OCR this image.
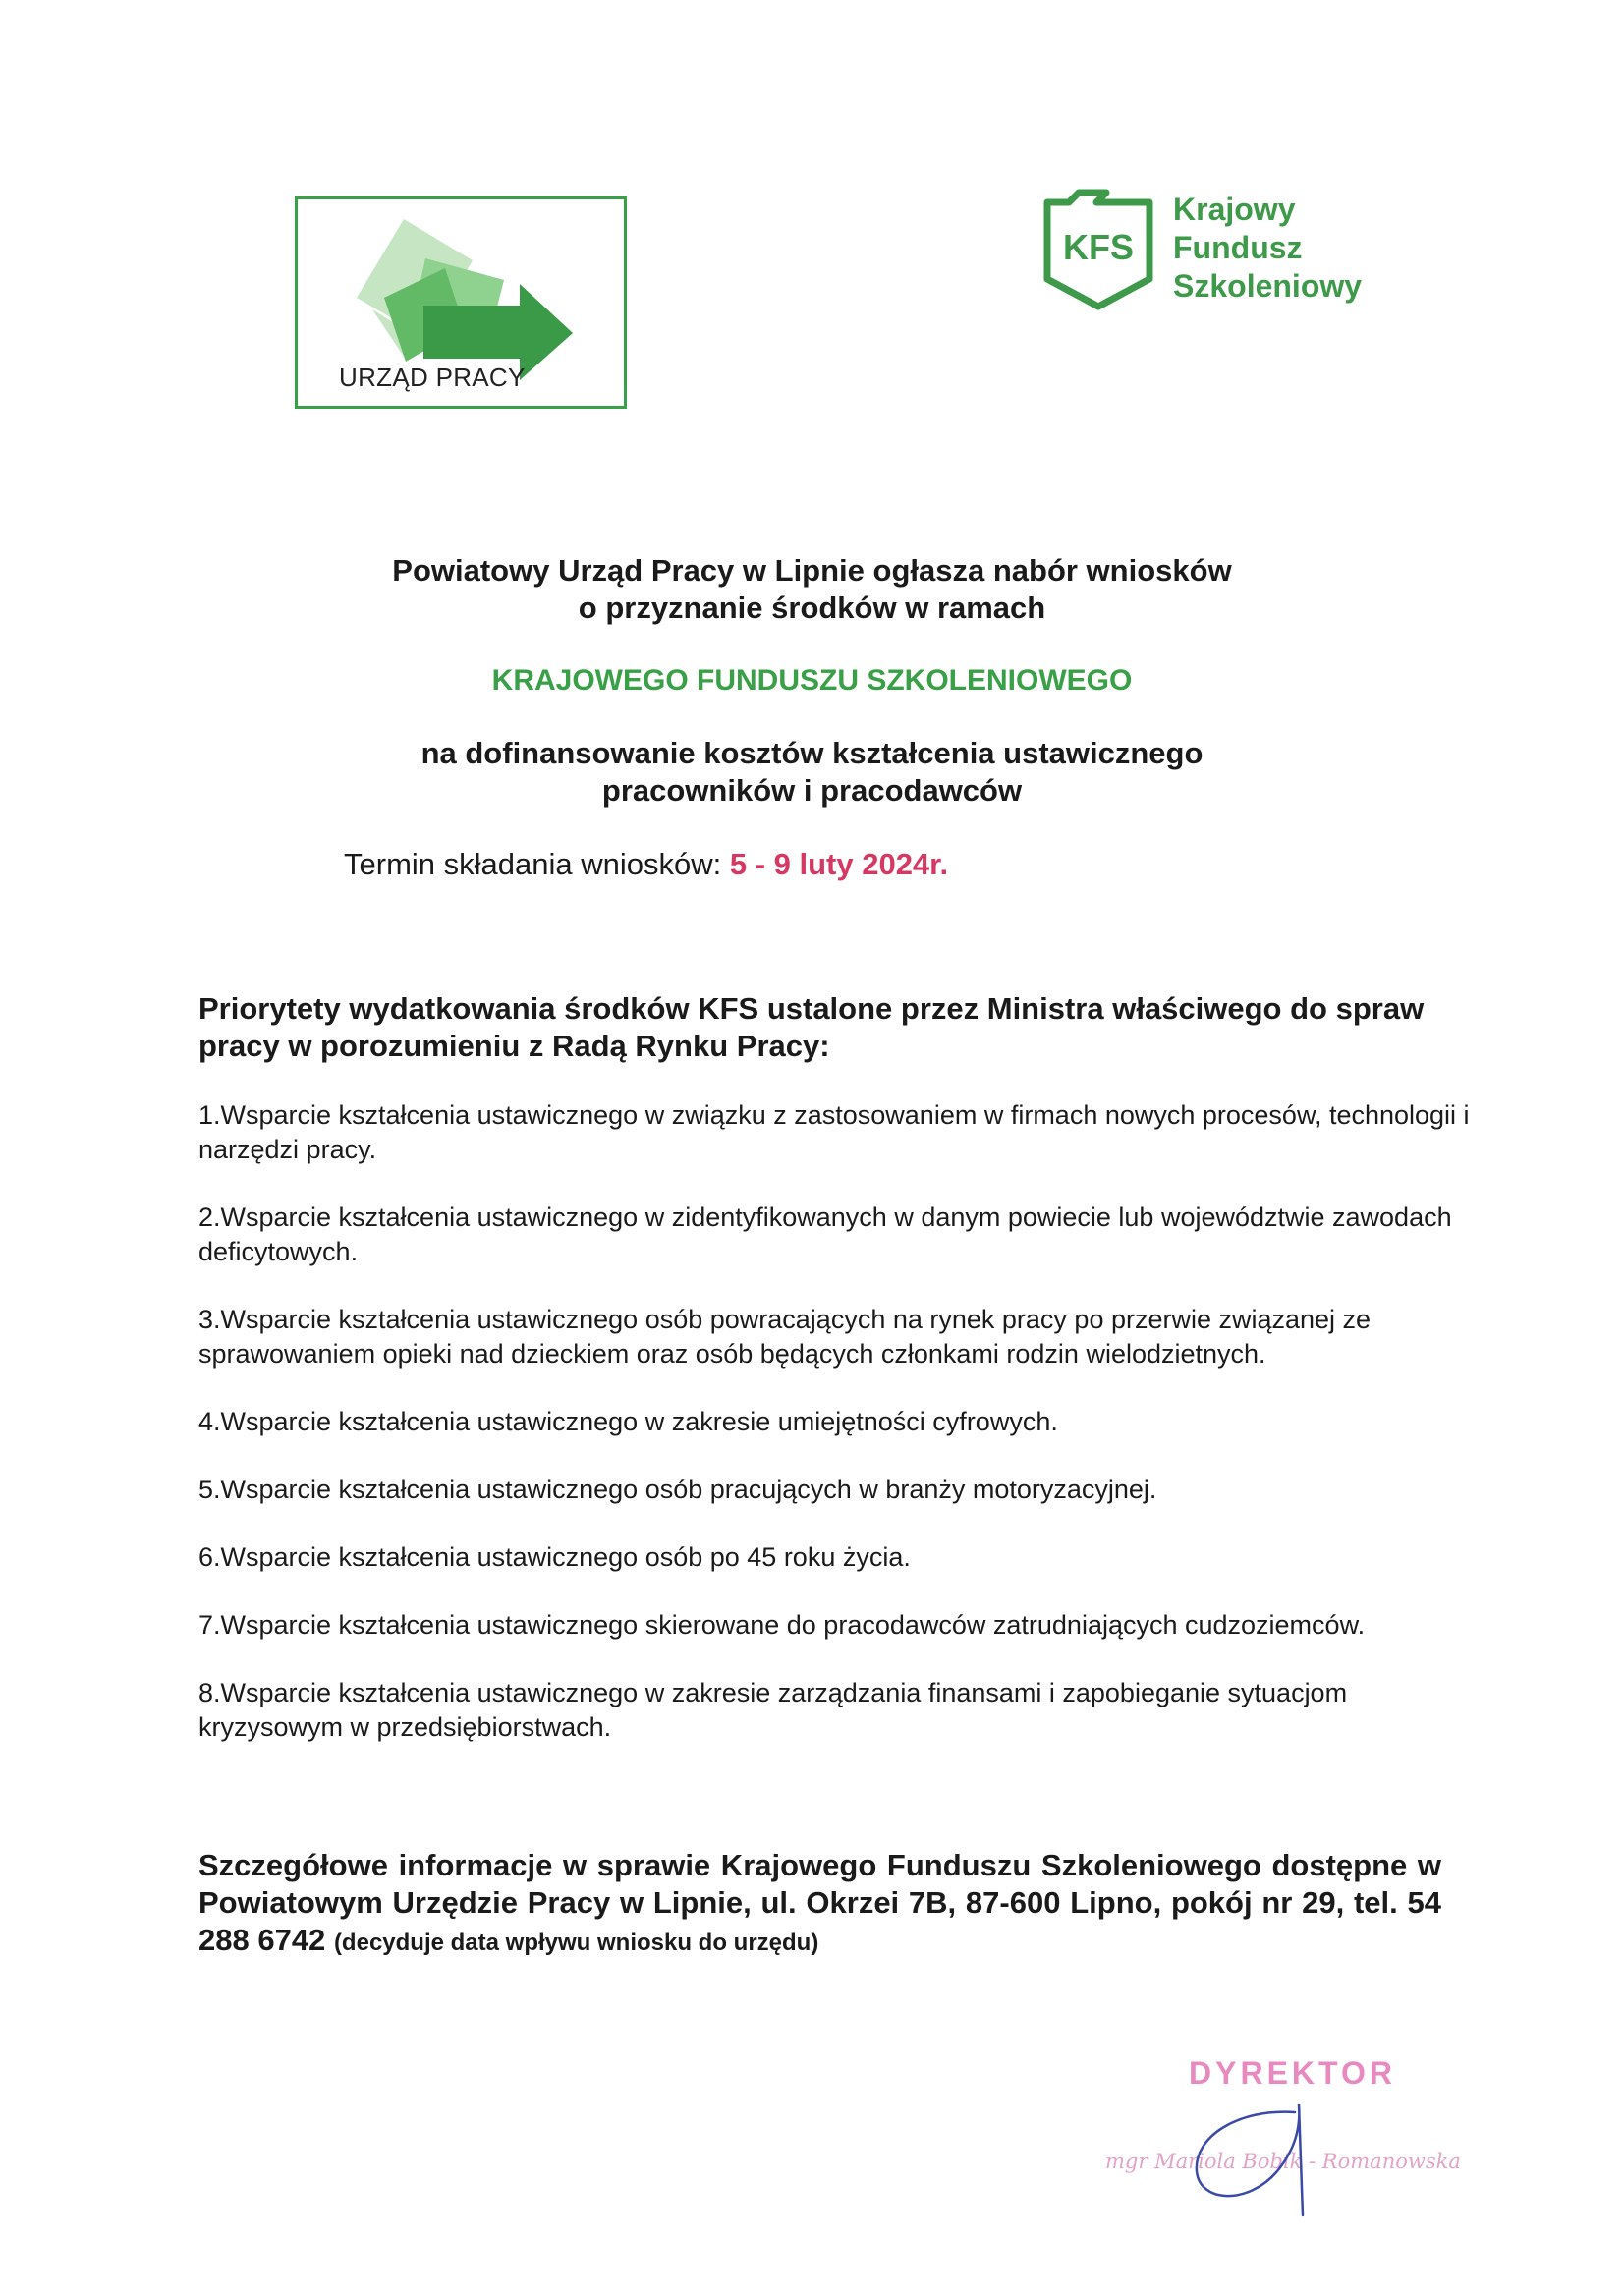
URZĄD PRACY
KFS
Krajowy
Fundusz
Szkoleniowy
Powiatowy Urząd Pracy w Lipnie ogłasza nabór wniosków
o przyznanie środków w ramach
KRAJOWEGO FUNDUSZU SZKOLENIOWEGO
na dofinansowanie kosztów kształcenia ustawicznego
pracowników i pracodawców
Termin składania wniosków: 5 - 9 luty 2024r.
Priorytety wydatkowania środków KFS ustalone przez Ministra właściwego do spraw pracy w porozumieniu z Radą Rynku Pracy:
1.Wsparcie kształcenia ustawicznego w związku z zastosowaniem w firmach nowych procesów, technologii i narzędzi pracy.
2.Wsparcie kształcenia ustawicznego w zidentyfikowanych w danym powiecie lub województwie zawodach deficytowych.
3.Wsparcie kształcenia ustawicznego osób powracających na rynek pracy po przerwie związanej ze sprawowaniem opieki nad dzieckiem oraz osób będących członkami rodzin wielodzietnych.
4.Wsparcie kształcenia ustawicznego w zakresie umiejętności cyfrowych.
5.Wsparcie kształcenia ustawicznego osób pracujących w branży motoryzacyjnej.
6.Wsparcie kształcenia ustawicznego osób po 45 roku życia.
7.Wsparcie kształcenia ustawicznego skierowane do pracodawców zatrudniających cudzoziemców.
8.Wsparcie kształcenia ustawicznego w zakresie zarządzania finansami i zapobieganie sytuacjom kryzysowym w przedsiębiorstwach.
Szczegółowe informacje w sprawie Krajowego Funduszu Szkoleniowego dostępne w Powiatowym Urzędzie Pracy w Lipnie, ul. Okrzei 7B, 87-600 Lipno, pokój nr 29, tel. 54 288 6742 (decyduje data wpływu wniosku do urzędu)
DYREKTOR
mgr Mariola Bobik - Romanowska
